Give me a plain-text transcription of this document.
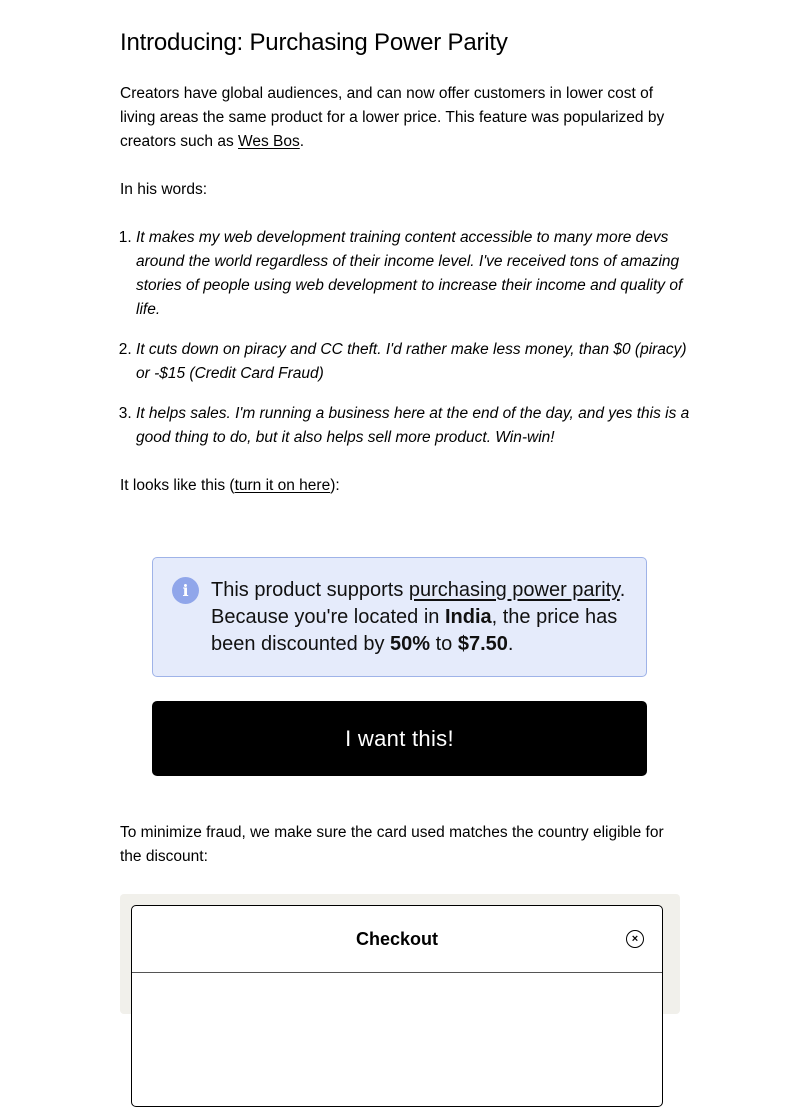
Introducing: Purchasing Power Parity

Creators have global audiences, and can now offer customers in lower cost of living areas the same product for a lower price. This feature was popularized by creators such as Wes Bos.

In his words:

1. It makes my web development training content accessible to many more devs around the world regardless of their income level. I've received tons of amazing stories of people using web development to increase their income and quality of life.
2. It cuts down on piracy and CC theft. I'd rather make less money, than $0 (piracy) or -$15 (Credit Card Fraud)
3. It helps sales. I'm running a business here at the end of the day, and yes this is a good thing to do, but it also helps sell more product. Win-win!

It looks like this (turn it on here):

To minimize fraud, we make sure the card used matches the country eligible for the discount:

i	This product supports purchasing power parity. Because you're located in India, the price has been discounted by 50% to $7.50.
I want this!
Checkout	×
